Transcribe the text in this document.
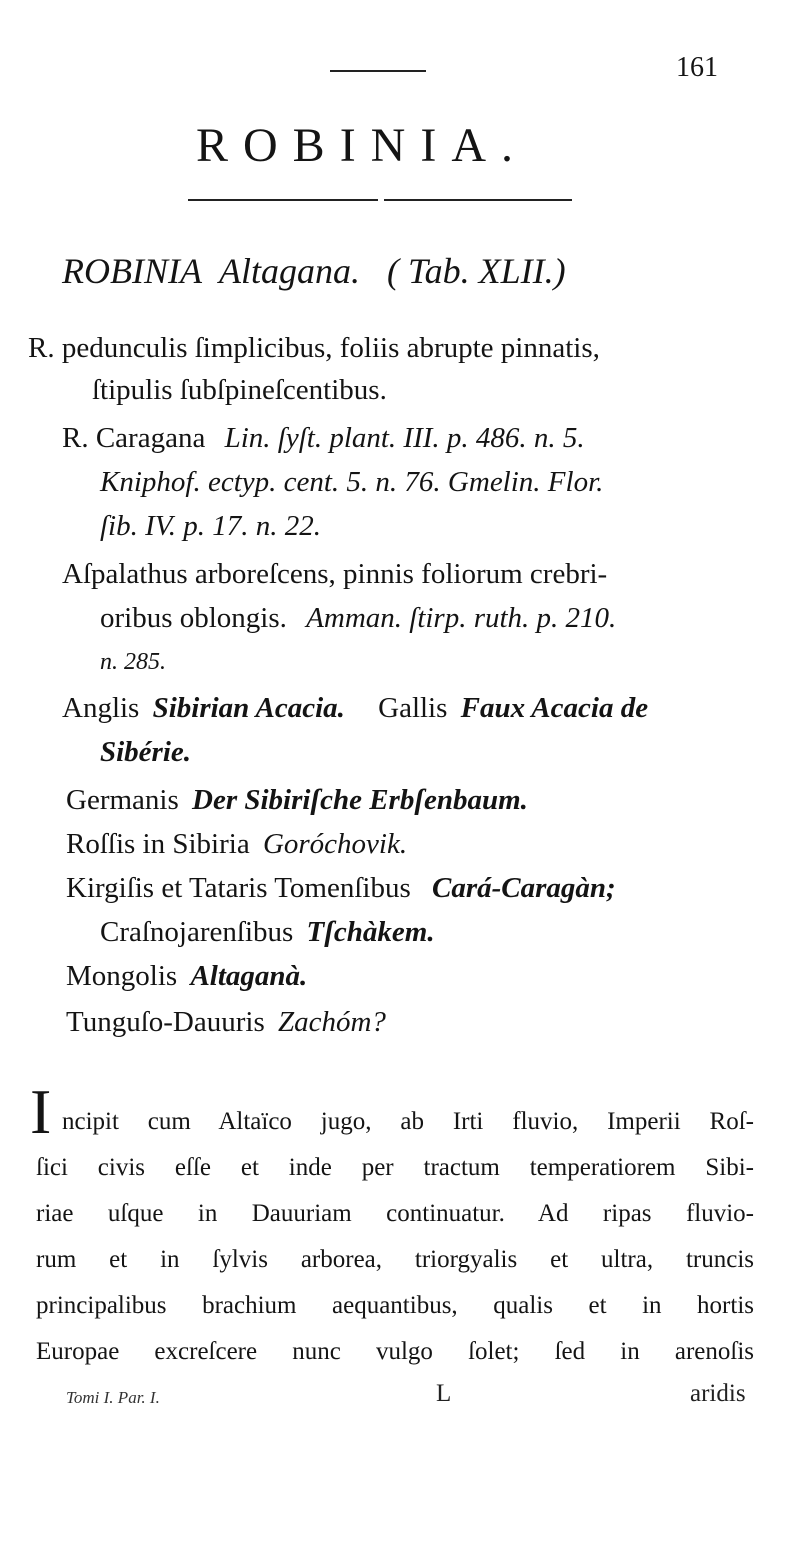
161
ROBINIA.
ROBINIA Altagana. ( Tab. XLII.)
R. pedunculis ſimplicibus, foliis abrupte pinnatis,
ſtipulis ſubſpineſcentibus.
R. Caragana Lin. ſyſt. plant. III. p. 486. n. 5.
Kniphof. ectyp. cent. 5. n. 76. Gmelin. Flor.
ſib. IV. p. 17. n. 22.
Aſpalathus arboreſcens, pinnis foliorum crebri-
oribus oblongis. Amman. ſtirp. ruth. p. 210.
n. 285.
Anglis Sibirian Acacia. Gallis Faux Acacia de
Sibérie.
Germanis Der Sibiriſche Erbſenbaum.
Roſſis in Sibiria Goróchovik.
Kirgiſis et Tataris Tomenſibus Cará-Caragàn;
Craſnojarenſibus Tſchàkem.
Mongolis Altaganà.
Tunguſo-Dauuris Zachóm?
I ncipit cum Altaïco jugo, ab Irti fluvio, Imperii Roſ-
ſici civis eſſe et inde per tractum temperatiorem Sibi-
riae uſque in Dauuriam continuatur. Ad ripas fluvio-
rum et in ſylvis arborea, triorgyalis et ultra, truncis
principalibus brachium aequantibus, qualis et in hortis
Europae excreſcere nunc vulgo ſolet; ſed in arenoſis
Tomi I. Par. I.	L	aridis
